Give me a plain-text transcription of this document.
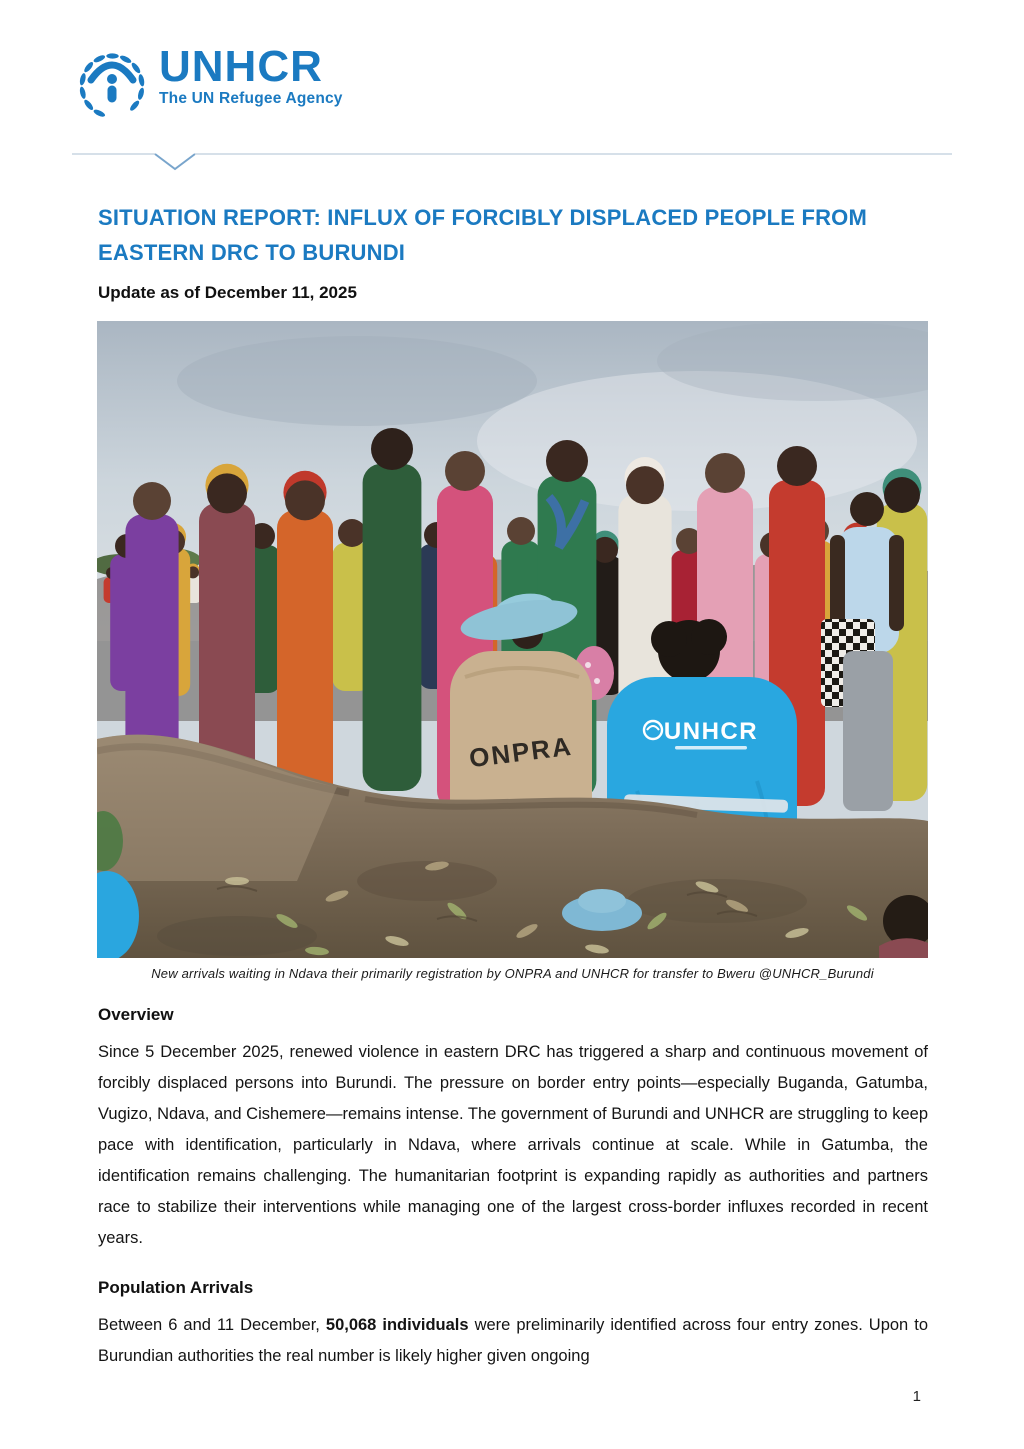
UNHCR
The UN Refugee Agency
SITUATION REPORT: INFLUX OF FORCIBLY DISPLACED PEOPLE FROM EASTERN DRC TO BURUNDI
Update as of December 11, 2025
ONPRA	UNHCR
New arrivals waiting in Ndava their primarily registration by ONPRA and UNHCR for transfer to Bweru @UNHCR_Burundi
Overview

Since 5 December 2025, renewed violence in eastern DRC has triggered a sharp and continuous movement of forcibly displaced persons into Burundi. The pressure on border entry points—especially Buganda, Gatumba, Vugizo, Ndava, and Cishemere—remains intense. The government of Burundi and UNHCR are struggling to keep pace with identification, particularly in Ndava, where arrivals continue at scale. While in Gatumba, the identification remains challenging. The humanitarian footprint is expanding rapidly as authorities and partners race to stabilize their interventions while managing one of the largest cross-border influxes recorded in recent years.

Population Arrivals

Between 6 and 11 December, 50,068 individuals were preliminarily identified across four entry zones. Upon to Burundian authorities the real number is likely higher given ongoing

1
